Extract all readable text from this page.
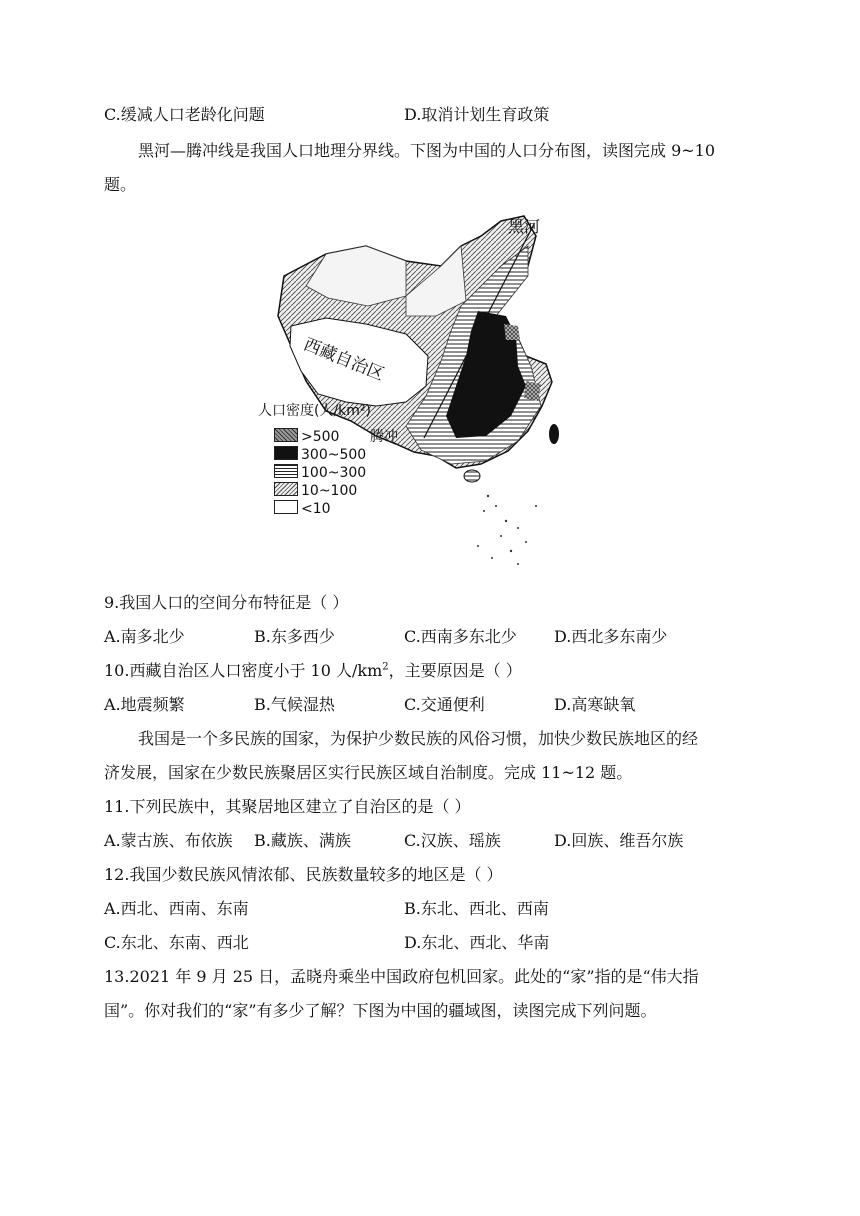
C.缓减人口老龄化问题	D.取消计划生育政策
黑河—腾冲线是我国人口地理分界线。下图为中国的人口分布图，读图完成 9~10
题。
黑河
腾冲
西藏自治区
人口密度(人/km²)
>500
300~500
100~300
10~100
<10
9.我国人口的空间分布特征是（ ）
A.南多北少	B.东多西少	C.西南多东北少 D.西北多东南少
10.西藏自治区人口密度小于 10 人$/km^2$，主要原因是（ ）
A.地震频繁	B.气候湿热	C.交通便利	D.高寒缺氧
我国是一个多民族的国家，为保护少数民族的风俗习惯，加快少数民族地区的经
济发展，国家在少数民族聚居区实行民族区域自治制度。完成 11~12 题。
11.下列民族中，其聚居地区建立了自治区的是（ ）
A.蒙古族、布依族 B.藏族、满族	C.汉族、瑶族	D.回族、维吾尔族
12.我国少数民族风情浓郁、民族数量较多的地区是（ ）
A.西北、西南、东南	B.东北、西北、西南
C.东北、东南、西北	D.东北、西北、华南
13.2021 年 9 月 25 日，孟晓舟乘坐中国政府包机回家。此处的“家”指的是“伟大指
国”。你对我们的“家”有多少了解？下图为中国的疆域图，读图完成下列问题。
